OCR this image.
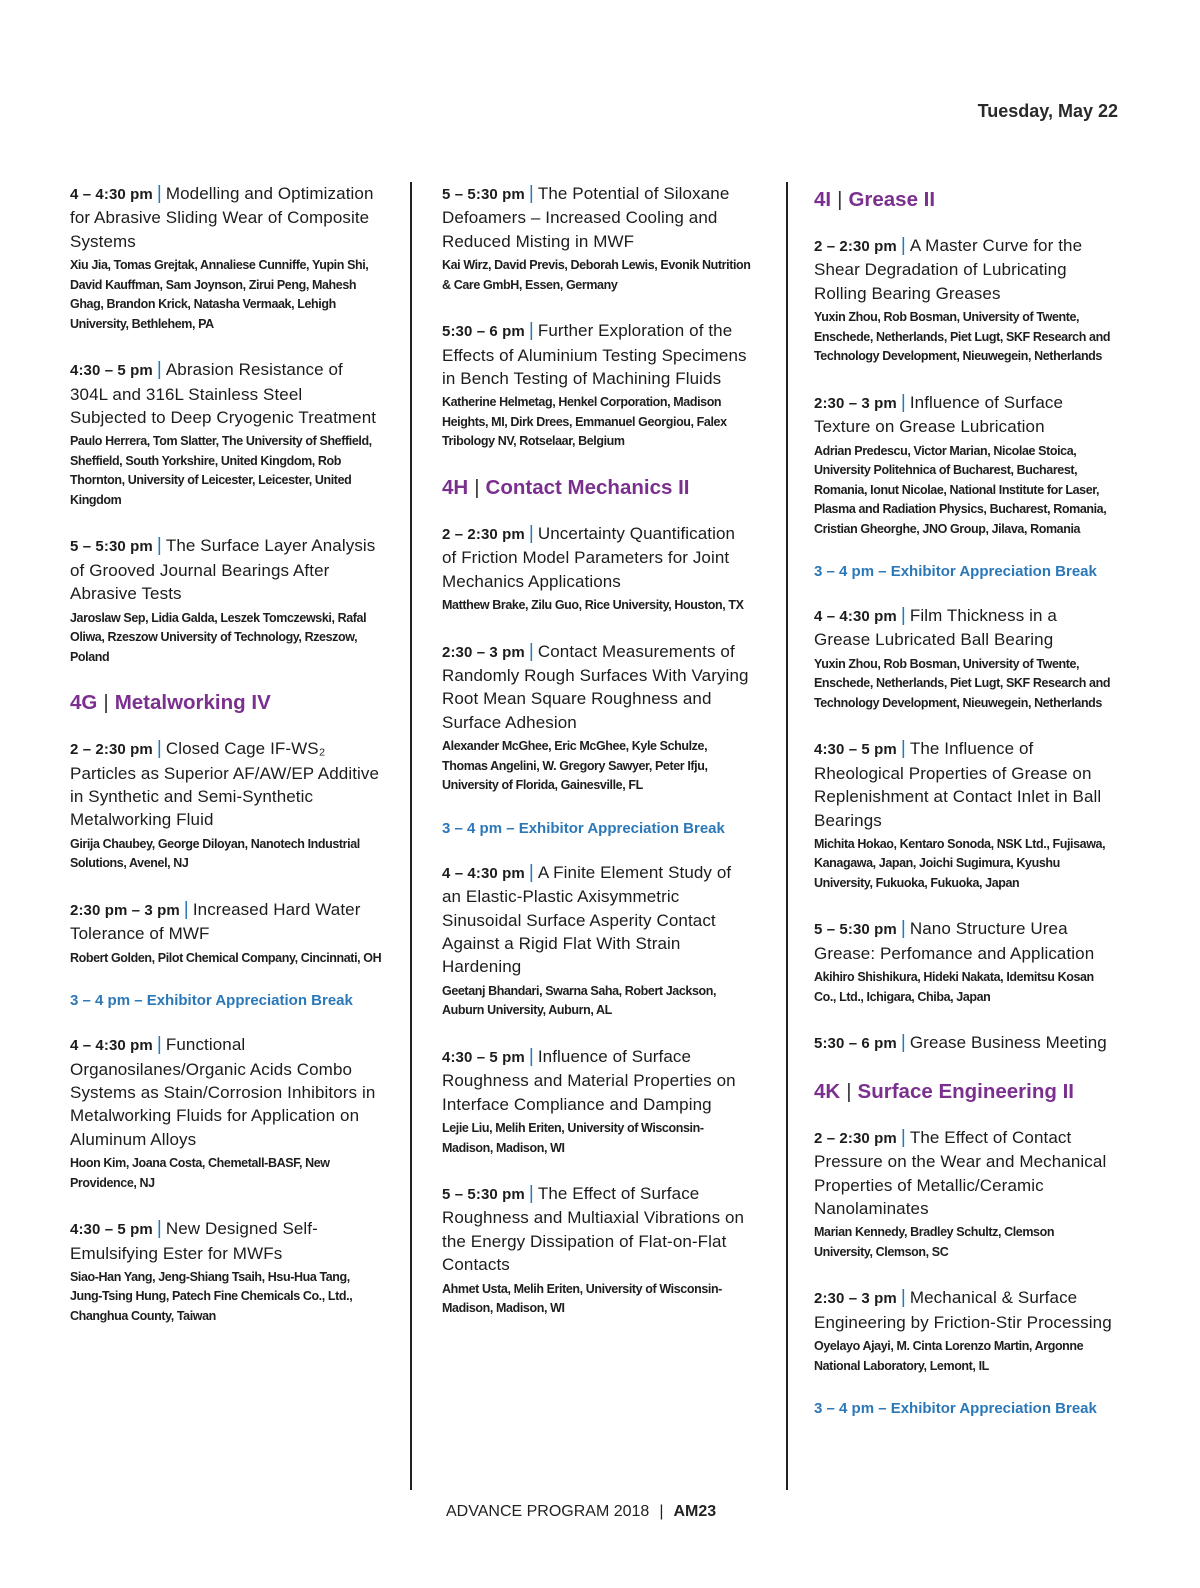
Tuesday, May 22
4 – 4:30 pm | Modelling and Optimization for Abrasive Sliding Wear of Composite Systems
Xiu Jia, Tomas Grejtak, Annaliese Cunniffe, Yupin Shi, David Kauffman, Sam Joynson, Zirui Peng, Mahesh Ghag, Brandon Krick, Natasha Vermaak, Lehigh University, Bethlehem, PA
4:30 – 5 pm | Abrasion Resistance of 304L and 316L Stainless Steel Subjected to Deep Cryogenic Treatment
Paulo Herrera, Tom Slatter, The University of Sheffield, Sheffield, South Yorkshire, United Kingdom, Rob Thornton, University of Leicester, Leicester, United Kingdom
5 – 5:30 pm | The Surface Layer Analysis of Grooved Journal Bearings After Abrasive Tests
Jaroslaw Sep, Lidia Galda, Leszek Tomczewski, Rafal Oliwa, Rzeszow University of Technology, Rzeszow, Poland
4G | Metalworking IV
2 – 2:30 pm | Closed Cage IF-WS₂ Particles as Superior AF/AW/EP Additive in Synthetic and Semi-Synthetic Metalworking Fluid
Girija Chaubey, George Diloyan, Nanotech Industrial Solutions, Avenel, NJ
2:30 pm – 3 pm | Increased Hard Water Tolerance of MWF
Robert Golden, Pilot Chemical Company, Cincinnati, OH
3 – 4 pm – Exhibitor Appreciation Break
4 – 4:30 pm | Functional Organosilanes/Organic Acids Combo Systems as Stain/Corrosion Inhibitors in Metalworking Fluids for Application on Aluminum Alloys
Hoon Kim, Joana Costa, Chemetall-BASF, New Providence, NJ
4:30 – 5 pm | New Designed Self-Emulsifying Ester for MWFs
Siao-Han Yang, Jeng-Shiang Tsaih, Hsu-Hua Tang, Jung-Tsing Hung, Patech Fine Chemicals Co., Ltd., Changhua County, Taiwan
5 – 5:30 pm | The Potential of Siloxane Defoamers – Increased Cooling and Reduced Misting in MWF
Kai Wirz, David Previs, Deborah Lewis, Evonik Nutrition & Care GmbH, Essen, Germany
5:30 – 6 pm | Further Exploration of the Effects of Aluminium Testing Specimens in Bench Testing of Machining Fluids
Katherine Helmetag, Henkel Corporation, Madison Heights, MI, Dirk Drees, Emmanuel Georgiou, Falex Tribology NV, Rotselaar, Belgium
4H | Contact Mechanics II
2 – 2:30 pm | Uncertainty Quantification of Friction Model Parameters for Joint Mechanics Applications
Matthew Brake, Zilu Guo, Rice University, Houston, TX
2:30 – 3 pm | Contact Measurements of Randomly Rough Surfaces With Varying Root Mean Square Roughness and Surface Adhesion
Alexander McGhee, Eric McGhee, Kyle Schulze, Thomas Angelini, W. Gregory Sawyer, Peter Ifju, University of Florida, Gainesville, FL
3 – 4 pm – Exhibitor Appreciation Break
4 – 4:30 pm | A Finite Element Study of an Elastic-Plastic Axisymmetric Sinusoidal Surface Asperity Contact Against a Rigid Flat With Strain Hardening
Geetanj Bhandari, Swarna Saha, Robert Jackson, Auburn University, Auburn, AL
4:30 – 5 pm | Influence of Surface Roughness and Material Properties on Interface Compliance and Damping
Lejie Liu, Melih Eriten, University of Wisconsin-Madison, Madison, WI
5 – 5:30 pm | The Effect of Surface Roughness and Multiaxial Vibrations on the Energy Dissipation of Flat-on-Flat Contacts
Ahmet Usta, Melih Eriten, University of Wisconsin-Madison, Madison, WI
4I | Grease II
2 – 2:30 pm | A Master Curve for the Shear Degradation of Lubricating Rolling Bearing Greases
Yuxin Zhou, Rob Bosman, University of Twente, Enschede, Netherlands, Piet Lugt, SKF Research and Technology Development, Nieuwegein, Netherlands
2:30 – 3 pm | Influence of Surface Texture on Grease Lubrication
Adrian Predescu, Victor Marian, Nicolae Stoica, University Politehnica of Bucharest, Bucharest, Romania, Ionut Nicolae, National Institute for Laser, Plasma and Radiation Physics, Bucharest, Romania, Cristian Gheorghe, JNO Group, Jilava, Romania
3 – 4 pm – Exhibitor Appreciation Break
4 – 4:30 pm | Film Thickness in a Grease Lubricated Ball Bearing
Yuxin Zhou, Rob Bosman, University of Twente, Enschede, Netherlands, Piet Lugt, SKF Research and Technology Development, Nieuwegein, Netherlands
4:30 – 5 pm | The Influence of Rheological Properties of Grease on Replenishment at Contact Inlet in Ball Bearings
Michita Hokao, Kentaro Sonoda, NSK Ltd., Fujisawa, Kanagawa, Japan, Joichi Sugimura, Kyushu University, Fukuoka, Fukuoka, Japan
5 – 5:30 pm | Nano Structure Urea Grease: Perfomance and Application
Akihiro Shishikura, Hideki Nakata, Idemitsu Kosan Co., Ltd., Ichigara, Chiba, Japan
5:30 – 6 pm | Grease Business Meeting
4K | Surface Engineering II
2 – 2:30 pm | The Effect of Contact Pressure on the Wear and Mechanical Properties of Metallic/Ceramic Nanolaminates
Marian Kennedy, Bradley Schultz, Clemson University, Clemson, SC
2:30 – 3 pm | Mechanical & Surface Engineering by Friction-Stir Processing
Oyelayo Ajayi, M. Cinta Lorenzo Martin, Argonne National Laboratory, Lemont, IL
3 – 4 pm – Exhibitor Appreciation Break
ADVANCE PROGRAM 2018 | AM23
